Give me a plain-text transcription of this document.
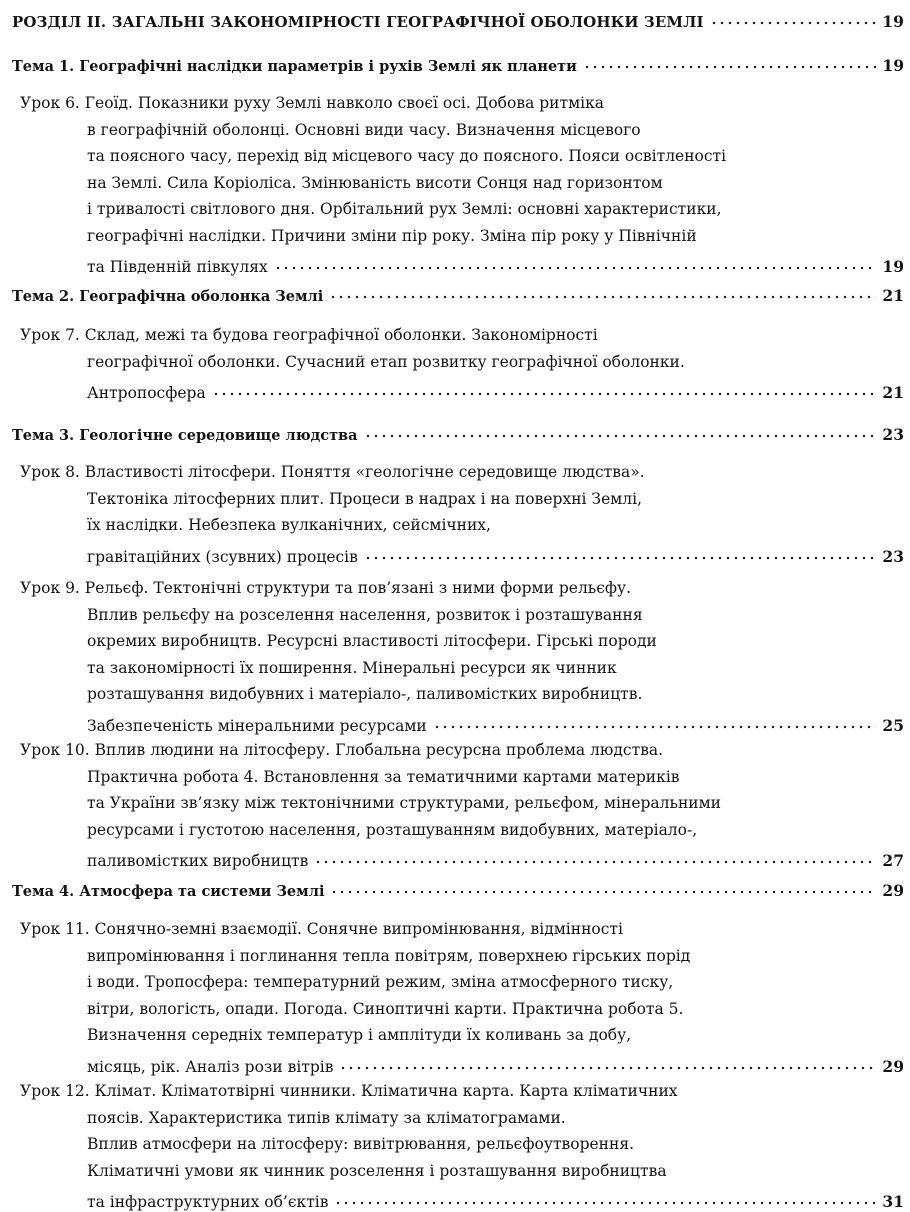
РОЗДІЛ ІІ. ЗАГАЛЬНІ ЗАКОНОМІРНОСТІ ГЕОГРАФІЧНОЇ ОБОЛОНКИ ЗЕМЛІ	19
Тема 1. Географічні наслідки параметрів і рухів Землі як планети	19
Урок 6. Геоїд. Показники руху Землі навколо своєї осі. Добова ритміка
в географічній оболонці. Основні види часу. Визначення місцевого
та поясного часу, перехід від місцевого часу до поясного. Пояси освітленості
на Землі. Сила Коріоліса. Змінюваність висоти Сонця над горизонтом
і тривалості світлового дня. Орбітальний рух Землі: основні характеристики,
географічні наслідки. Причини зміни пір року. Зміна пір року у Північній
та Південній півкулях	19
Тема 2. Географічна оболонка Землі	21
Урок 7. Склад, межі та будова географічної оболонки. Закономірності
географічної оболонки. Сучасний етап розвитку географічної оболонки.
Антропосфера	21
Тема 3. Геологічне середовище людства	23
Урок 8. Властивості літосфери. Поняття «геологічне середовище людства».
Тектоніка літосферних плит. Процеси в надрах і на поверхні Землі,
їх наслідки. Небезпека вулканічних, сейсмічних,
гравітаційних (зсувних) процесів	23
Урок 9. Рельєф. Тектонічні структури та пов’язані з ними форми рельєфу.
Вплив рельєфу на розселення населення, розвиток і розташування
окремих виробництв. Ресурсні властивості літосфери. Гірські породи
та закономірності їх поширення. Мінеральні ресурси як чинник
розташування видобувних і матеріало-, паливомістких виробництв.
Забезпеченість мінеральними ресурсами	25
Урок 10. Вплив людини на літосферу. Глобальна ресурсна проблема людства.
Практична робота 4. Встановлення за тематичними картами материків
та України зв’язку між тектонічними структурами, рельєфом, мінеральними
ресурсами і густотою населення, розташуванням видобувних, матеріало-,
паливомістких виробництв	27
Тема 4. Атмосфера та системи Землі	29
Урок 11. Сонячно-земні взаємодії. Сонячне випромінювання, відмінності
випромінювання і поглинання тепла повітрям, поверхнею гірських порід
і води. Тропосфера: температурний режим, зміна атмосферного тиску,
вітри, вологість, опади. Погода. Синоптичні карти. Практична робота 5.
Визначення середніх температур і амплітуди їх коливань за добу,
місяць, рік. Аналіз рози вітрів	29
Урок 12. Клімат. Кліматотвірні чинники. Кліматична карта. Карта кліматичних
поясів. Характеристика типів клімату за кліматограмами.
Вплив атмосфери на літосферу: вивітрювання, рельєфоутворення.
Кліматичні умови як чинник розселення і розташування виробництва
та інфраструктурних об’єктів	31
